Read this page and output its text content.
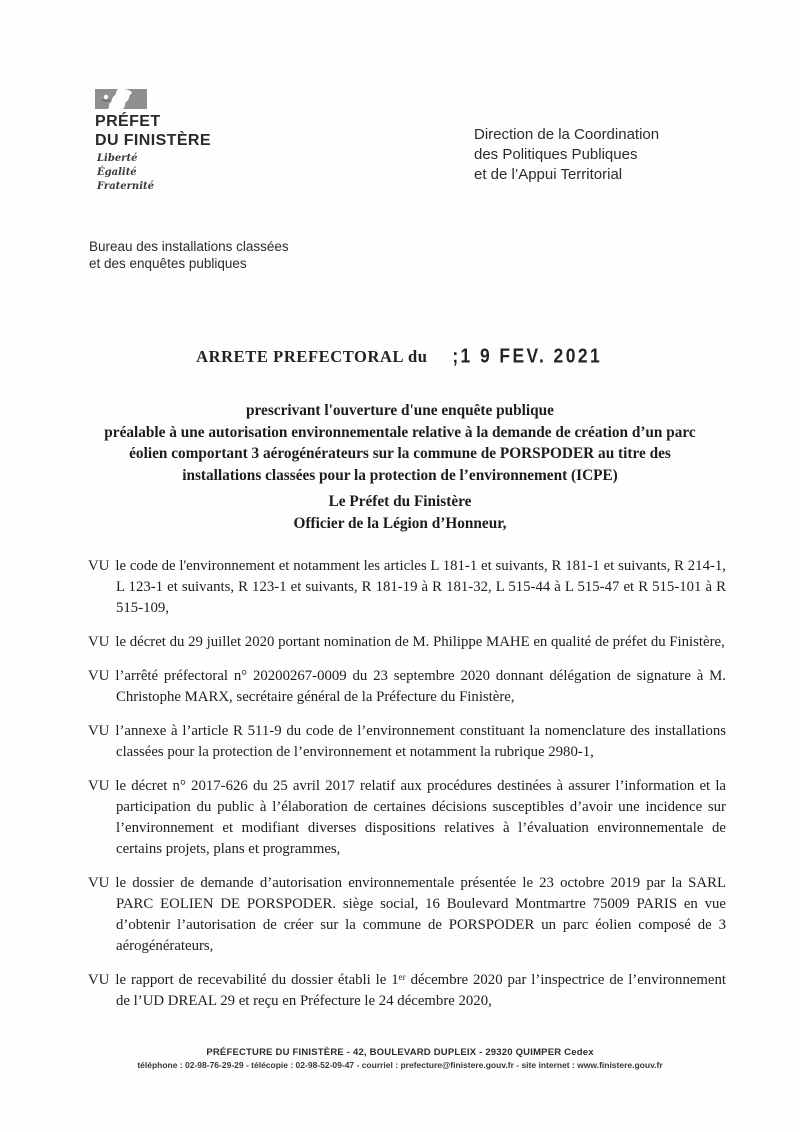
PRÉFET
DU FINISTÈRE
Liberté
Égalité
Fraternité
Direction de la Coordination
des Politiques Publiques
et de l’Appui Territorial
Bureau des installations classées
et des enquêtes publiques
ARRETE PREFECTORAL du ;1 9 FEV. 2021
prescrivant l'ouverture d'une enquête publique
préalable à une autorisation environnementale relative à la demande de création d’un parc
éolien comportant 3 aérogénérateurs sur la commune de PORSPODER au titre des
installations classées pour la protection de l’environnement (ICPE)
Le Préfet du Finistère
Officier de la Légion d’Honneur,

VU le code de l'environnement et notamment les articles L 181-1 et suivants, R 181-1 et suivants, R 214-1, L 123-1 et suivants, R 123-1 et suivants, R 181-19 à R 181-32, L 515-44 à L 515-47 et R 515-101 à R 515-109,

VU le décret du 29 juillet 2020 portant nomination de M. Philippe MAHE en qualité de préfet du Finistère,

VU l’arrêté préfectoral n° 20200267-0009 du 23 septembre 2020 donnant délégation de signature à M. Christophe MARX, secrétaire général de la Préfecture du Finistère,

VU l’annexe à l’article R 511-9 du code de l’environnement constituant la nomenclature des installations classées pour la protection de l’environnement et notamment la rubrique 2980-1,

VU le décret n° 2017-626 du 25 avril 2017 relatif aux procédures destinées à assurer l’information et la participation du public à l’élaboration de certaines décisions susceptibles d’avoir une incidence sur l’environnement et modifiant diverses dispositions relatives à l’évaluation environnementale de certains projets, plans et programmes,

VU le dossier de demande d’autorisation environnementale présentée le 23 octobre 2019 par la SARL PARC EOLIEN DE PORSPODER. siège social, 16 Boulevard Montmartre 75009 PARIS en vue d’obtenir l’autorisation de créer sur la commune de PORSPODER un parc éolien composé de 3 aérogénérateurs,

VU le rapport de recevabilité du dossier établi le 1ᵉʳ décembre 2020 par l’inspectrice de l’environnement de l’UD DREAL 29 et reçu en Préfecture le 24 décembre 2020,

PRÉFECTURE DU FINISTÈRE - 42, BOULEVARD DUPLEIX - 29320 QUIMPER Cedex
téléphone : 02-98-76-29-29 - télécopie : 02-98-52-09-47 - courriel : prefecture@finistere.gouv.fr - site internet : www.finistere.gouv.fr
